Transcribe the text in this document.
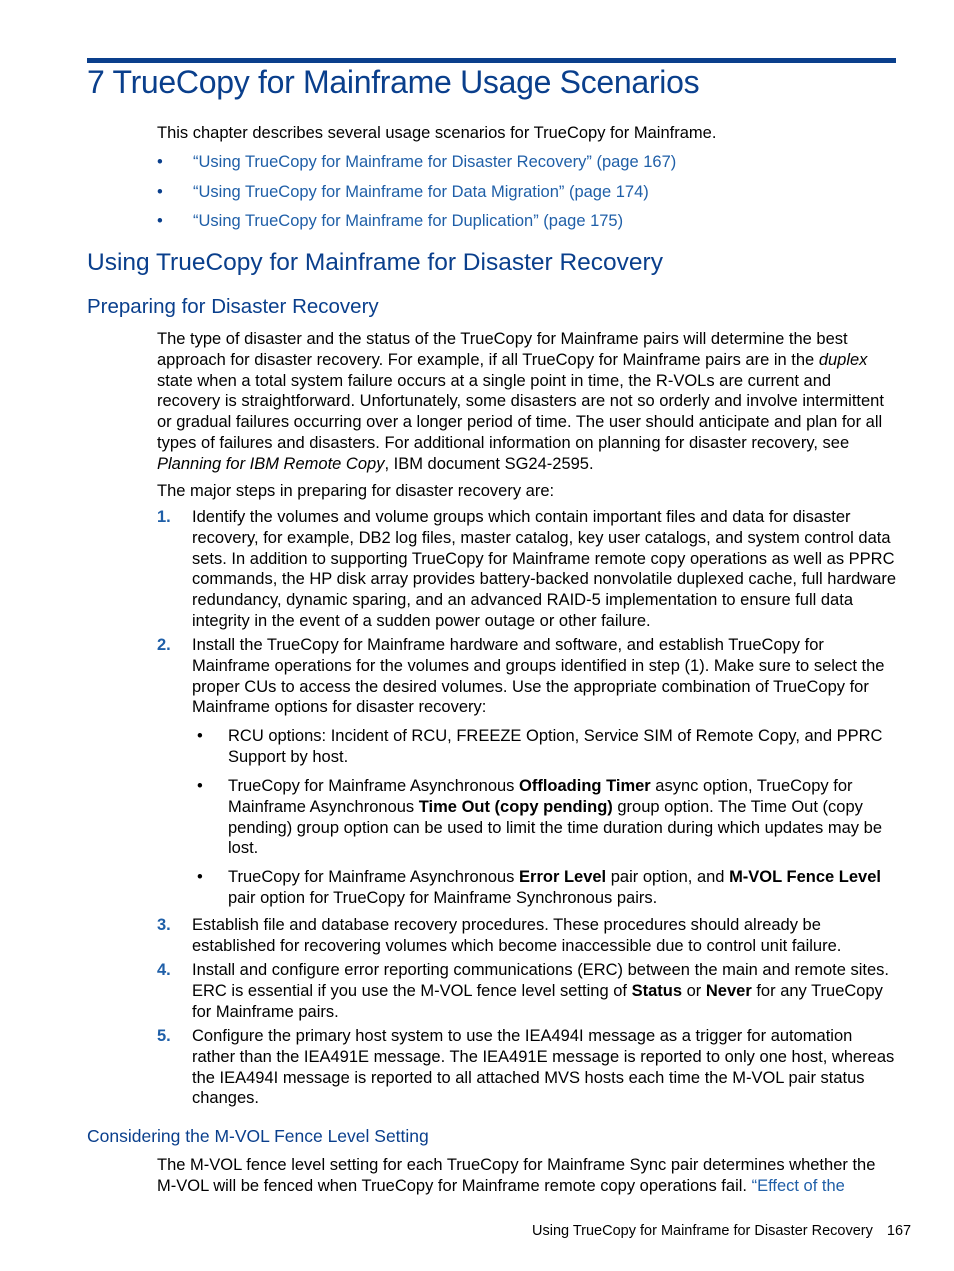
7 TrueCopy for Mainframe Usage Scenarios
This chapter describes several usage scenarios for TrueCopy for Mainframe.
• “Using TrueCopy for Mainframe for Disaster Recovery” (page 167)
• “Using TrueCopy for Mainframe for Data Migration” (page 174)
• “Using TrueCopy for Mainframe for Duplication” (page 175)
Using TrueCopy for Mainframe for Disaster Recovery
Preparing for Disaster Recovery

The type of disaster and the status of the TrueCopy for Mainframe pairs will determine the best approach for disaster recovery. For example, if all TrueCopy for Mainframe pairs are in the duplex state when a total system failure occurs at a single point in time, the R-VOLs are current and recovery is straightforward. Unfortunately, some disasters are not so orderly and involve intermittent or gradual failures occurring over a longer period of time. The user should anticipate and plan for all types of failures and disasters. For additional information on planning for disaster recovery, see Planning for IBM Remote Copy, IBM document SG24-2595.

The major steps in preparing for disaster recovery are:

1. Identify the volumes and volume groups which contain important files and data for disaster recovery, for example, DB2 log files, master catalog, key user catalogs, and system control data sets. In addition to supporting TrueCopy for Mainframe remote copy operations as well as PPRC commands, the HP disk array provides battery-backed nonvolatile duplexed cache, full hardware redundancy, dynamic sparing, and an advanced RAID-5 implementation to ensure full data integrity in the event of a sudden power outage or other failure.
2. Install the TrueCopy for Mainframe hardware and software, and establish TrueCopy for Mainframe operations for the volumes and groups identified in step (1). Make sure to select the proper CUs to access the desired volumes. Use the appropriate combination of TrueCopy for Mainframe options for disaster recovery:
• RCU options: Incident of RCU, FREEZE Option, Service SIM of Remote Copy, and PPRC Support by host.
• TrueCopy for Mainframe Asynchronous Offloading Timer async option, TrueCopy for Mainframe Asynchronous Time Out (copy pending) group option. The Time Out (copy pending) group option can be used to limit the time duration during which updates may be lost.
• TrueCopy for Mainframe Asynchronous Error Level pair option, and M-VOL Fence Level pair option for TrueCopy for Mainframe Synchronous pairs.
3. Establish file and database recovery procedures. These procedures should already be established for recovering volumes which become inaccessible due to control unit failure.
4. Install and configure error reporting communications (ERC) between the main and remote sites. ERC is essential if you use the M-VOL fence level setting of Status or Never for any TrueCopy for Mainframe pairs.
5. Configure the primary host system to use the IEA494I message as a trigger for automation rather than the IEA491E message. The IEA491E message is reported to only one host, whereas the IEA494I message is reported to all attached MVS hosts each time the M-VOL pair status changes.
Considering the M-VOL Fence Level Setting

The M-VOL fence level setting for each TrueCopy for Mainframe Sync pair determines whether the M-VOL will be fenced when TrueCopy for Mainframe remote copy operations fail. “Effect of the

Using TrueCopy for Mainframe for Disaster Recovery 167
